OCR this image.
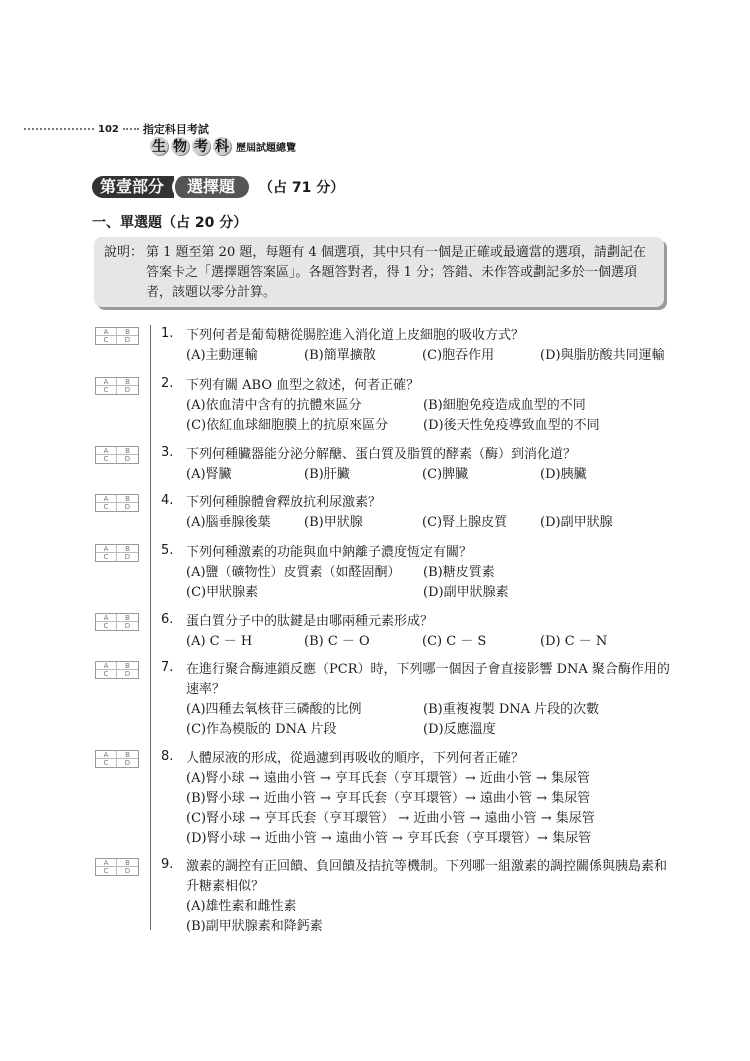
102 指定科目考試
生 物 考 科 歷屆試題總覽
第壹部分	選擇題	（占 71 分）
一、單選題（占 20 分）
說明： 第 1 題至第 20 題，每題有 4 個選項，其中只有一個是正確或最適當的選項，請劃記在答案卡之「選擇題答案區」。各題答對者，得 1 分；答錯、未作答或劃記多於一個選項者，該題以零分計算。
A	B
C	D	1. 下列何者是葡萄糖從腸腔進入消化道上皮細胞的吸收方式？
(A)主動運輸	(B)簡單擴散	(C)胞吞作用	(D)與脂肪酸共同運輸
A	B
C	D	2. 下列有關 ABO 血型之敘述，何者正確？
(A)依血清中含有的抗體來區分	(B)細胞免疫造成血型的不同
(C)依紅血球細胞膜上的抗原來區分	(D)後天性免疫導致血型的不同
A	B
C	D	3. 下列何種臟器能分泌分解醣、蛋白質及脂質的酵素（酶）到消化道？
(A)腎臟	(B)肝臟	(C)脾臟	(D)胰臟
A	B
C	D	4. 下列何種腺體會釋放抗利尿激素？
(A)腦垂腺後葉	(B)甲狀腺	(C)腎上腺皮質	(D)副甲狀腺
A	B
C	D	5. 下列何種激素的功能與血中鈉離子濃度恆定有關？
(A)鹽（礦物性）皮質素（如醛固酮）	(B)糖皮質素
(C)甲狀腺素	(D)副甲狀腺素
A	B
C	D	6. 蛋白質分子中的肽鍵是由哪兩種元素形成？
(A) C － H	(B) C － O	(C) C － S	(D) C － N
A	B
C	D	7. 在進行聚合酶連鎖反應（PCR）時，下列哪一個因子會直接影響 DNA 聚合酶作用的速率？
(A)四種去氧核苷三磷酸的比例	(B)重複複製 DNA 片段的次數
(C)作為模版的 DNA 片段	(D)反應溫度
A	B
C	D	8. 人體尿液的形成，從過濾到再吸收的順序，下列何者正確？
(A)腎小球 → 遠曲小管 → 亨耳氏套（亨耳環管）→ 近曲小管 → 集尿管
(B)腎小球 → 近曲小管 → 亨耳氏套（亨耳環管）→ 遠曲小管 → 集尿管
(C)腎小球 → 亨耳氏套（亨耳環管） → 近曲小管 → 遠曲小管 → 集尿管
(D)腎小球 → 近曲小管 → 遠曲小管 → 亨耳氏套（亨耳環管）→ 集尿管
A	B
C	D	9. 激素的調控有正回饋、負回饋及拮抗等機制。下列哪一組激素的調控關係與胰島素和升糖素相似？
(A)雄性素和雌性素
(B)副甲狀腺素和降鈣素
